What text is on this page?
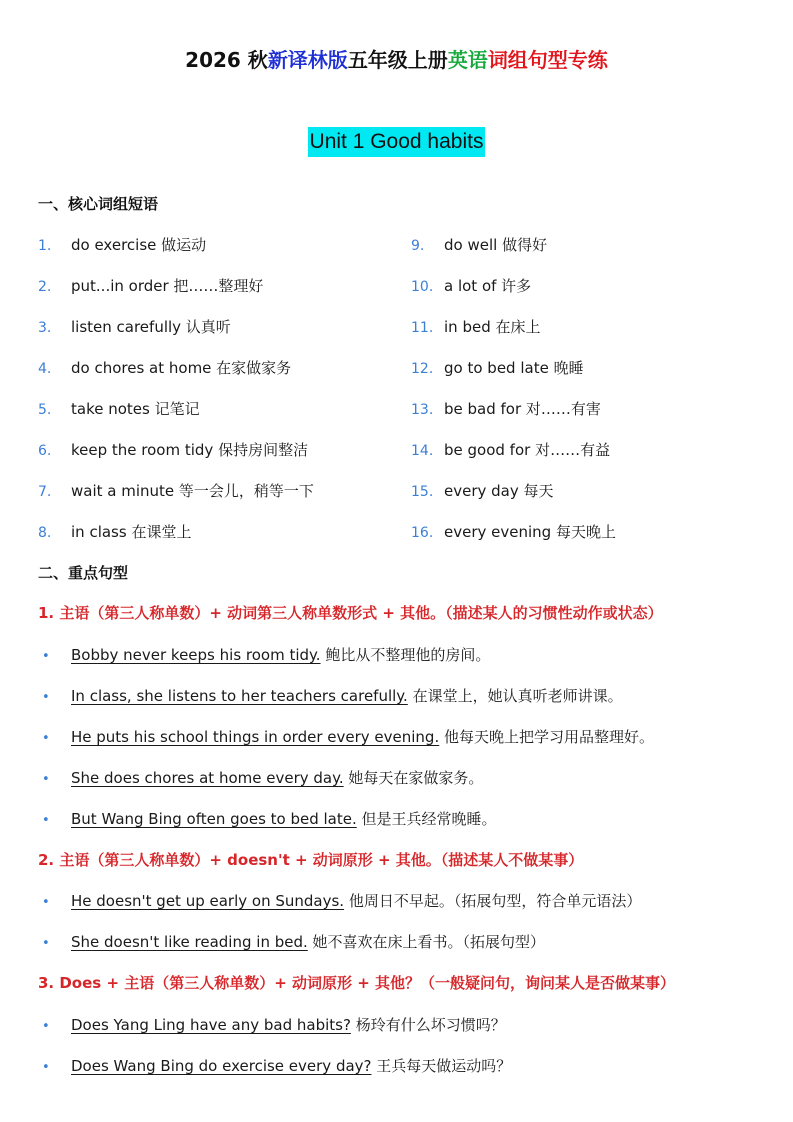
2026 秋新译林版五年级上册英语词组句型专练
Unit 1 Good habits
一、核心词组短语
1. do exercise 做运动
2. put...in order 把……整理好
3. listen carefully 认真听
4. do chores at home 在家做家务
5. take notes 记笔记
6. keep the room tidy 保持房间整洁
7. wait a minute 等一会儿，稍等一下
8. in class 在课堂上
9. do well 做得好
10. a lot of 许多
11. in bed 在床上
12. go to bed late 晚睡
13. be bad for 对……有害
14. be good for 对……有益
15. every day 每天
16. every evening 每天晚上
二、重点句型
1. 主语（第三人称单数）+ 动词第三人称单数形式 + 其他。（描述某人的习惯性动作或状态）
• Bobby never keeps his room tidy. 鲍比从不整理他的房间。
• In class, she listens to her teachers carefully. 在课堂上，她认真听老师讲课。
• He puts his school things in order every evening. 他每天晚上把学习用品整理好。
• She does chores at home every day. 她每天在家做家务。
• But Wang Bing often goes to bed late. 但是王兵经常晚睡。
2. 主语（第三人称单数）+ doesn't + 动词原形 + 其他。（描述某人不做某事）
• He doesn't get up early on Sundays. 他周日不早起。（拓展句型，符合单元语法）
• She doesn't like reading in bed. 她不喜欢在床上看书。（拓展句型）
3. Does + 主语（第三人称单数）+ 动词原形 + 其他？（一般疑问句，询问某人是否做某事）
• Does Yang Ling have any bad habits? 杨玲有什么坏习惯吗？
• Does Wang Bing do exercise every day? 王兵每天做运动吗？
